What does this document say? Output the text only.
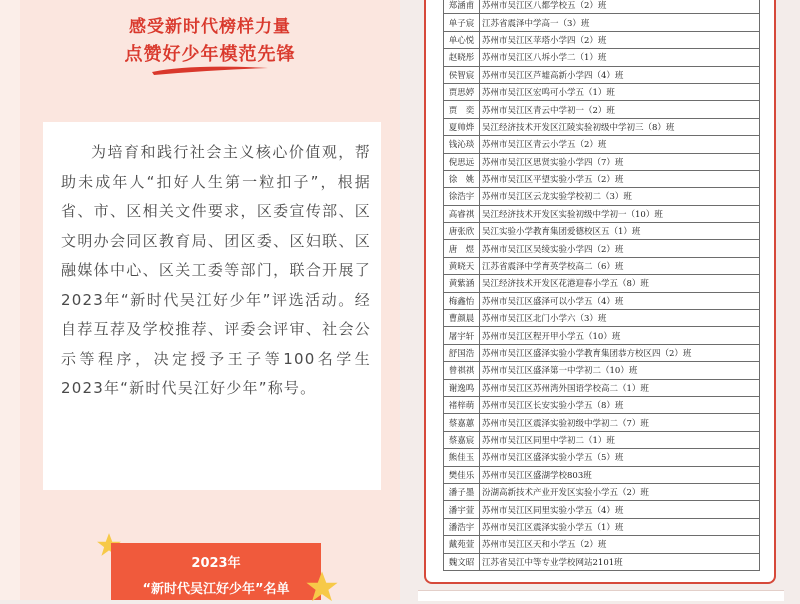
感受新时代榜样力量
点赞好少年模范先锋

为培育和践行社会主义核心价值观，帮助未成年人“扣好人生第一粒扣子”，根据省、市、区相关文件要求，区委宣传部、区文明办会同区教育局、团区委、区妇联、区融媒体中心、区关工委等部门，联合开展了2023年“新时代吴江好少年”评选活动。经自荐互荐及学校推荐、评委会评审、社会公示等程序，决定授予王子等100名学生2023年“新时代吴江好少年”称号。

2023年
“新时代吴江好少年”名单
郑涵甫	苏州市吴江区八都学校五（2）班
单子宸	江苏省震泽中学高一（3）班
单心悦	苏州市吴江区苹塔小学四（2）班
赵晓彤	苏州市吴江区八坼小学二（1）班
侯智宸	苏州市吴江区芦墟高新小学四（4）班
贾思婷	苏州市吴江区宏鸣可小学五（1）班
贾　奕	苏州市吴江区青云中学初一（2）班
夏帅烨	吴江经济技术开发区江陵实验初级中学初三（8）班
钱沁琰	苏州市吴江区青云小学五（2）班
倪思远	苏州市吴江区思贤实验小学四（7）班
徐　姚	苏州市吴江区平望实验小学五（2）班
徐浩宇	苏州市吴江区云龙实验学校初二（3）班
高睿祺	吴江经济技术开发区实验初级中学初一（10）班
唐张欣	吴江实验小学教育集团爱德校区五（1）班
唐　煜	苏州市吴江区吴绫实验小学四（2）班
黄晓天	江苏省震泽中学育英学校高二（6）班
黄紫涵	吴江经济技术开发区花港迎春小学五（8）班
梅鑫怡	苏州市吴江区盛泽可以小学五（4）班
曹颜晨	苏州市吴江区北门小学六（3）班
屠宇轩	苏州市吴江区程开甲小学五（10）班
舒国浩	苏州市吴江区盛泽实验小学教育集团恭方校区四（2）班
曾祺祺	苏州市吴江区盛泽第一中学初二（10）班
谢逸鸣	苏州市吴江区苏州湾外国语学校高二（1）班
褚梓萌	苏州市吴江区长安实验小学五（8）班
蔡嘉蕙	苏州市吴江区震泽实验初级中学初二（7）班
蔡嘉宸	苏州市吴江区同里中学初二（1）班
熊佳玉	苏州市吴江区盛泽实验小学五（5）班
樊佳乐	苏州市吴江区盛湖学校803班
潘子墨	汾湖高新技术产业开发区实验小学五（2）班
潘宇萱	苏州市吴江区同里实验小学五（4）班
潘浩宇	苏州市吴江区震泽实验小学五（1）班
戴苑萱	苏州市吴江区天和小学五（2）班
魏文昭	江苏省吴江中等专业学校网站2101班
